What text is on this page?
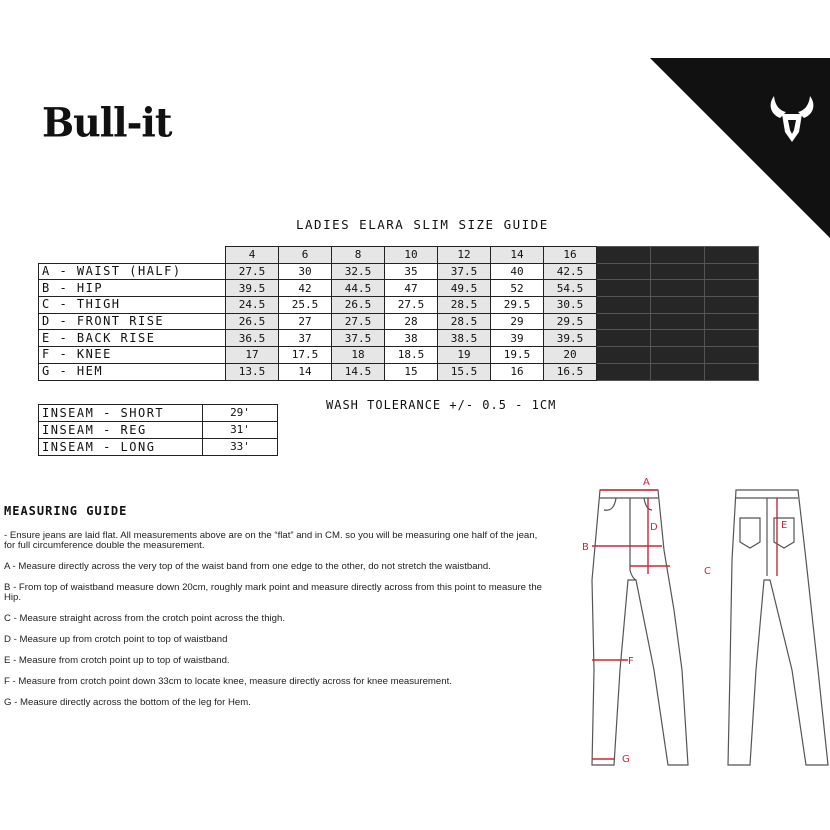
Bull-it
LADIES ELARA SLIM SIZE GUIDE
	4	6	8	10	12	14	16			
A - WAIST (HALF)	27.5	30	32.5	35	37.5	40	42.5			
B - HIP	39.5	42	44.5	47	49.5	52	54.5			
C - THIGH	24.5	25.5	26.5	27.5	28.5	29.5	30.5			
D - FRONT RISE	26.5	27	27.5	28	28.5	29	29.5			
E - BACK RISE	36.5	37	37.5	38	38.5	39	39.5			
F - KNEE	17	17.5	18	18.5	19	19.5	20			
G - HEM	13.5	14	14.5	15	15.5	16	16.5			
WASH TOLERANCE +/- 0.5 - 1CM
INSEAM - SHORT	29'
INSEAM - REG	31'
INSEAM - LONG	33'
MEASURING GUIDE

- Ensure jeans are laid flat. All measurements above are on the “flat” and in CM. so you will be measuring one half of the jean, for full circumference double the measurement.

A - Measure directly across the very top of the waist band from one edge to the other, do not stretch the waistband.

B - From top of waistband measure down 20cm, roughly mark point and measure directly across from this point to measure the Hip.

C - Measure straight across from the crotch point across the thigh.

D - Measure up from crotch point to top of waistband

E - Measure from crotch point up to top of waistband.

F - Measure from crotch point down 33cm to locate knee, measure directly across for knee measurement.

G - Measure directly across the bottom of the leg for Hem.

A
B
C
D	E
F
G
